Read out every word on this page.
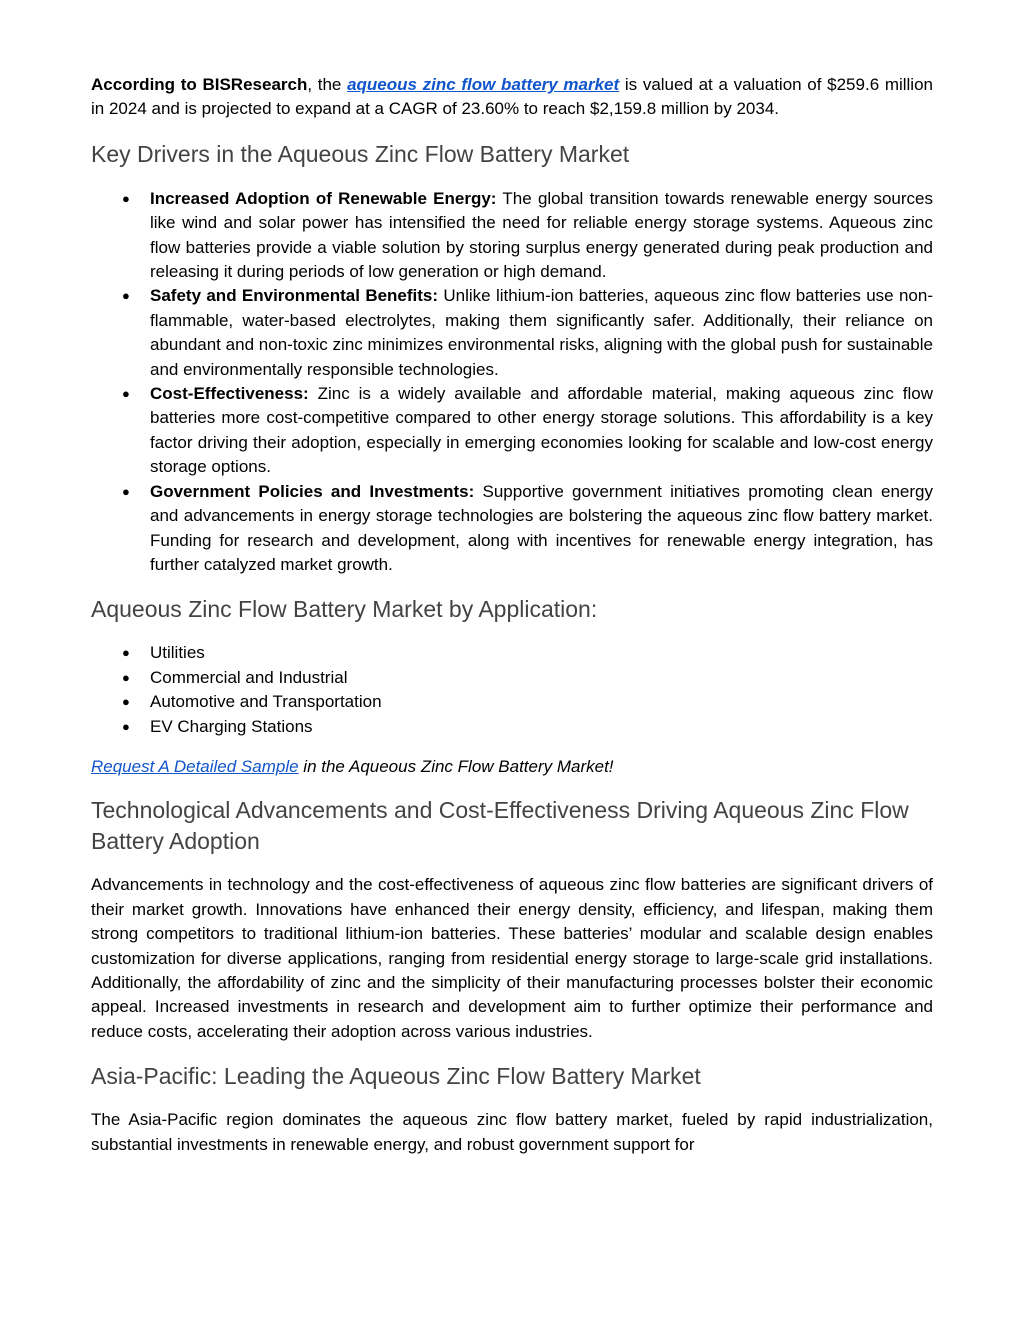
According to BISResearch, the aqueous zinc flow battery market is valued at a valuation of $259.6 million in 2024 and is projected to expand at a CAGR of 23.60% to reach $2,159.8 million by 2034.

Key Drivers in the Aqueous Zinc Flow Battery Market
● Increased Adoption of Renewable Energy: The global transition towards renewable energy sources like wind and solar power has intensified the need for reliable energy storage systems. Aqueous zinc flow batteries provide a viable solution by storing surplus energy generated during peak production and releasing it during periods of low generation or high demand.
● Safety and Environmental Benefits: Unlike lithium-ion batteries, aqueous zinc flow batteries use non-flammable, water-based electrolytes, making them significantly safer. Additionally, their reliance on abundant and non-toxic zinc minimizes environmental risks, aligning with the global push for sustainable and environmentally responsible technologies.
● Cost-Effectiveness: Zinc is a widely available and affordable material, making aqueous zinc flow batteries more cost-competitive compared to other energy storage solutions. This affordability is a key factor driving their adoption, especially in emerging economies looking for scalable and low-cost energy storage options.
● Government Policies and Investments: Supportive government initiatives promoting clean energy and advancements in energy storage technologies are bolstering the aqueous zinc flow battery market. Funding for research and development, along with incentives for renewable energy integration, has further catalyzed market growth.
Aqueous Zinc Flow Battery Market by Application:
● Utilities
● Commercial and Industrial
● Automotive and Transportation
● EV Charging Stations

Request A Detailed Sample in the Aqueous Zinc Flow Battery Market!

Technological Advancements and Cost-Effectiveness Driving Aqueous Zinc Flow Battery Adoption

Advancements in technology and the cost-effectiveness of aqueous zinc flow batteries are significant drivers of their market growth. Innovations have enhanced their energy density, efficiency, and lifespan, making them strong competitors to traditional lithium-ion batteries. These batteries’ modular and scalable design enables customization for diverse applications, ranging from residential energy storage to large-scale grid installations. Additionally, the affordability of zinc and the simplicity of their manufacturing processes bolster their economic appeal. Increased investments in research and development aim to further optimize their performance and reduce costs, accelerating their adoption across various industries.

Asia-Pacific: Leading the Aqueous Zinc Flow Battery Market

The Asia-Pacific region dominates the aqueous zinc flow battery market, fueled by rapid industrialization, substantial investments in renewable energy, and robust government support for
